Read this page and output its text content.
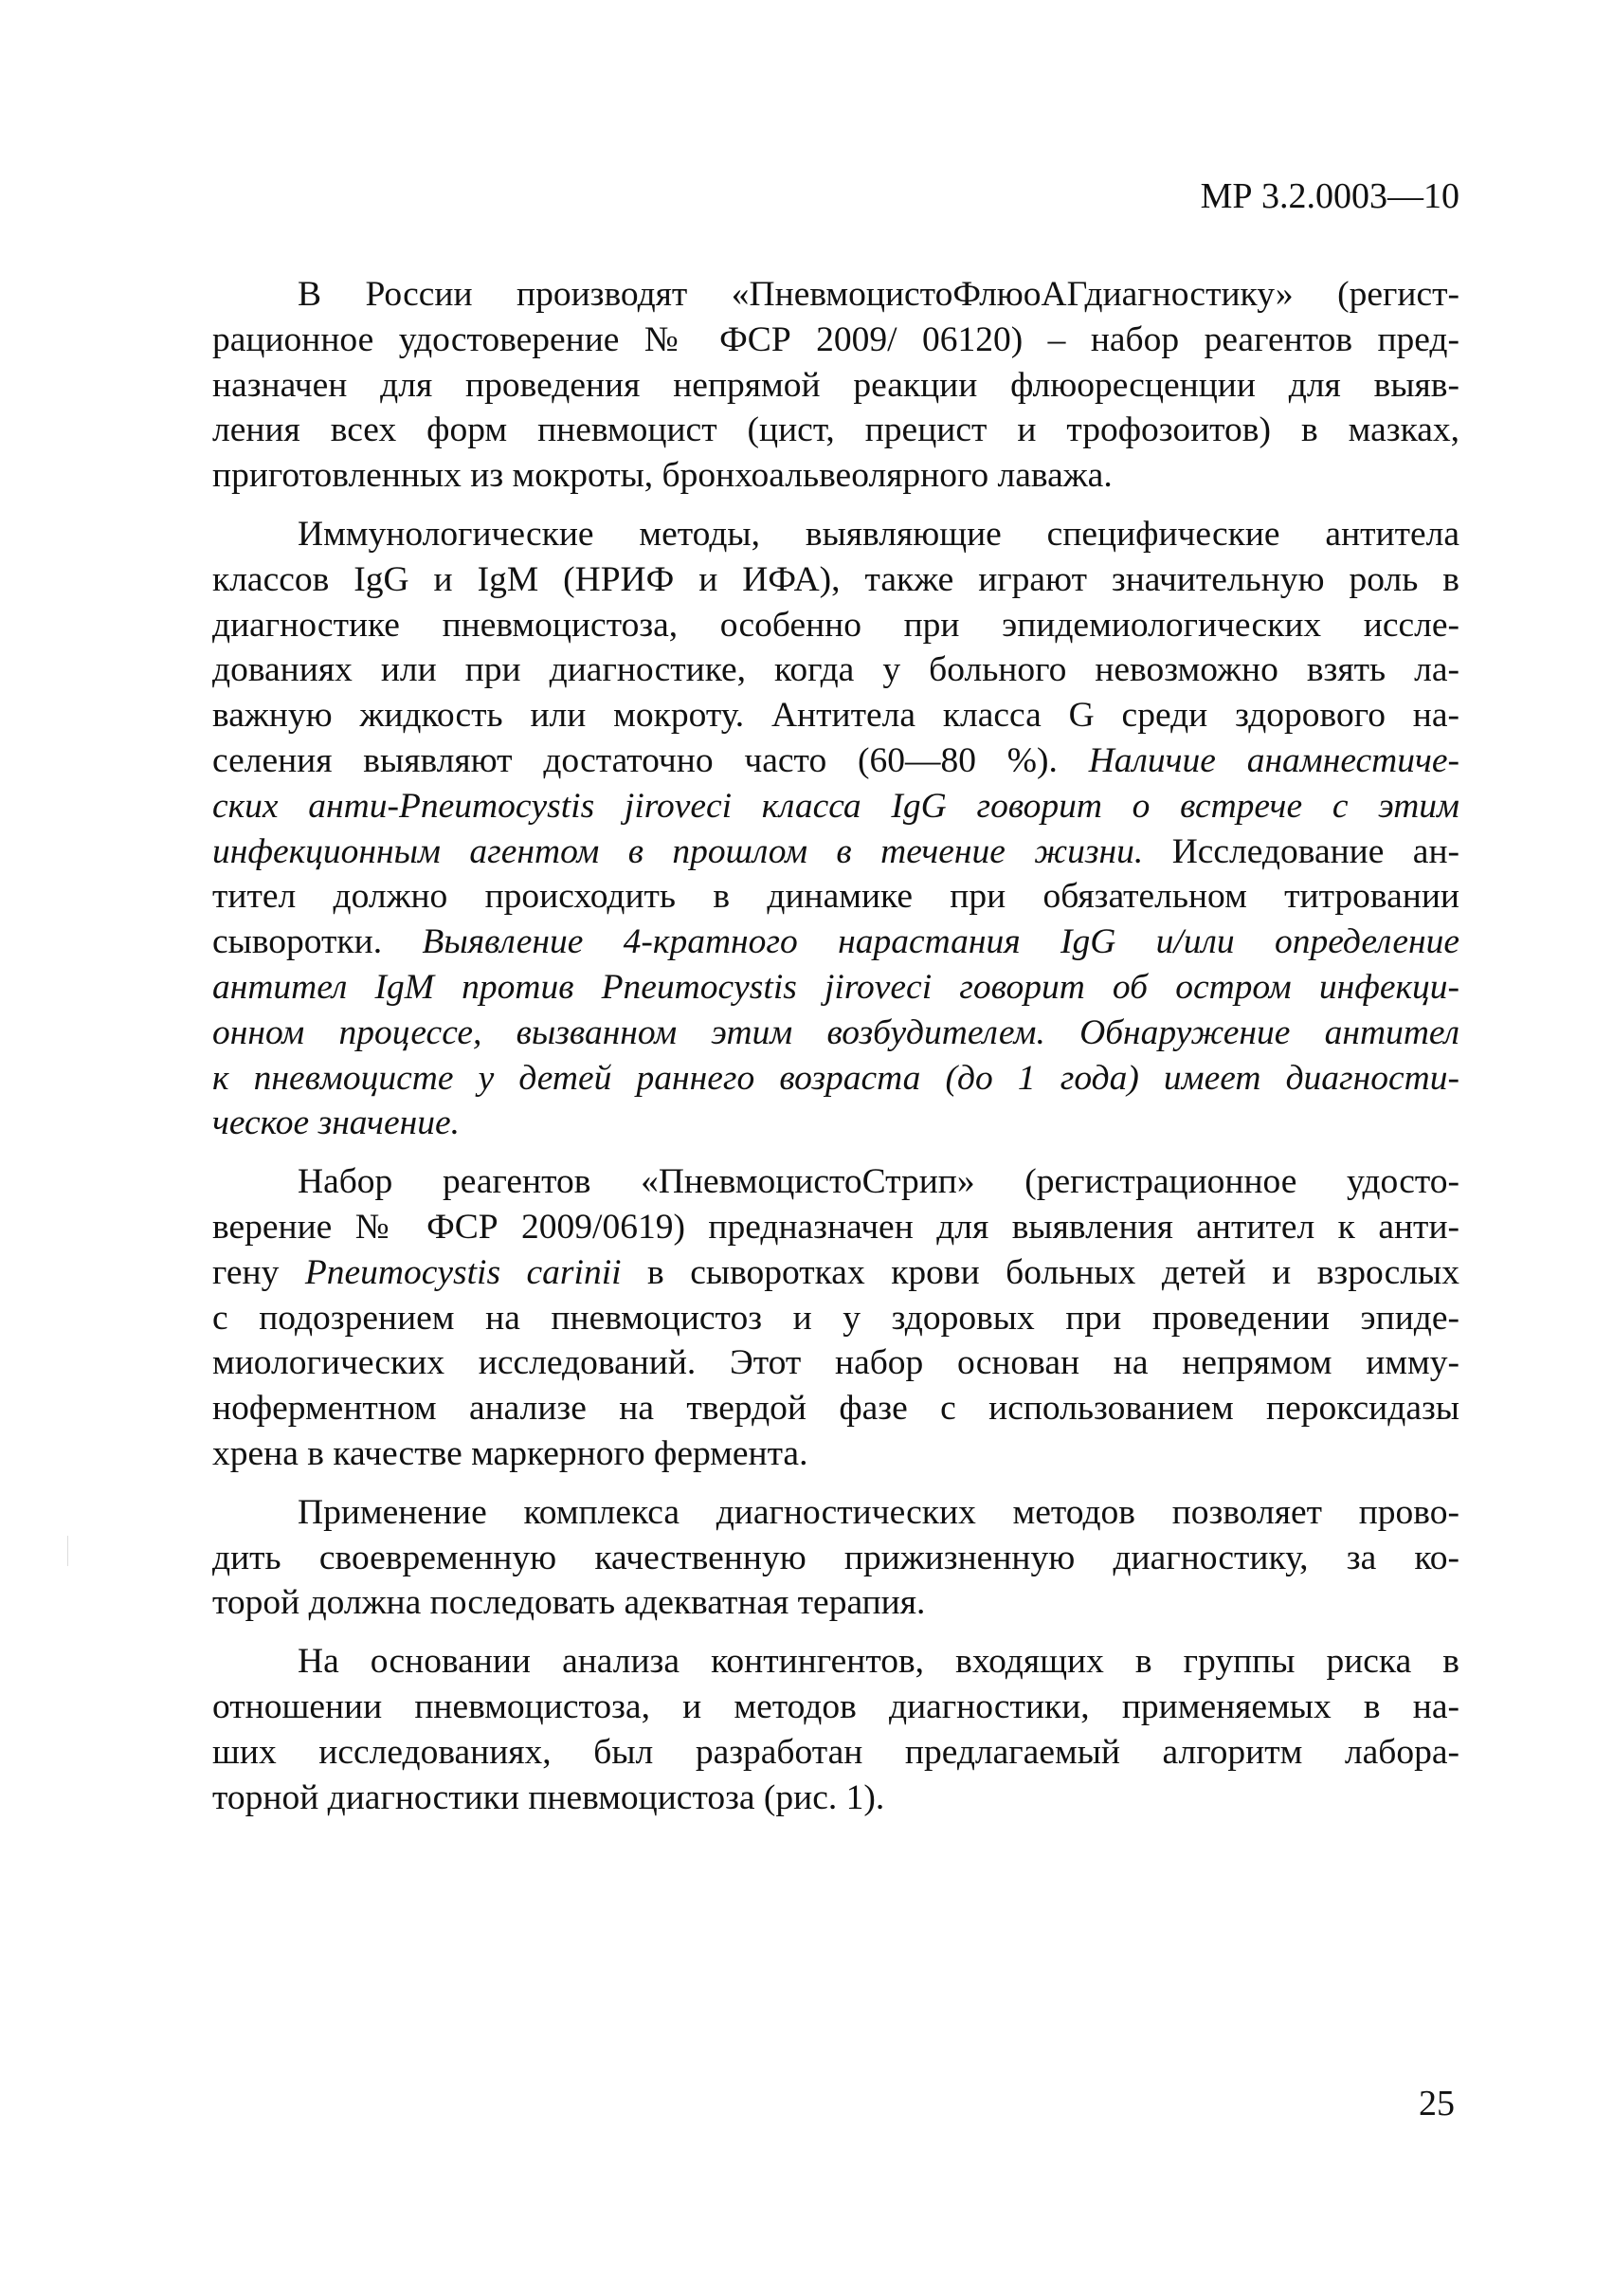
МР 3.2.0003—10
В России производят «ПневмоцистоФлюоАГдиагностику» (регист-
рационное удостоверение № ФСР 2009/ 06120) – набор реагентов пред-
назначен для проведения непрямой реакции флюоресценции для выяв-
ления всех форм пневмоцист (цист, прецист и трофозоитов) в мазках,
приготовленных из мокроты, бронхоальвеолярного лаважа.
Иммунологические методы, выявляющие специфические антитела
классов IgG и IgM (НРИФ и ИФА), также играют значительную роль в
диагностике пневмоцистоза, особенно при эпидемиологических иссле-
дованиях или при диагностике, когда у больного невозможно взять ла-
важную жидкость или мокроту. Антитела класса G среди здорового на-
селения выявляют достаточно часто (60—80 %). Наличие анамнестиче-
ских анти-Pneumocystis jirovеci класса IgG говорит о встрече с этим
инфекционным агентом в прошлом в течение жизни. Исследование ан-
тител должно происходить в динамике при обязательном титровании
сыворотки. Выявление 4-кратного нарастания IgG и/или определение
антител IgM против Pneumocystis jirovеci говорит об остром инфекци-
онном процессе, вызванном этим возбудителем. Обнаружение антител
к пневмоцисте у детей раннего возраста (до 1 года) имеет диагности-
ческое значение.
Набор реагентов «ПневмоцистоСтрип» (регистрационное удосто-
верение № ФСР 2009/0619) предназначен для выявления антител к анти-
гену Pneumocystis carinii в сыворотках крови больных детей и взрослых
с подозрением на пневмоцистоз и у здоровых при проведении эпиде-
миологических исследований. Этот набор основан на непрямом имму-
ноферментном анализе на твердой фазе с использованием пероксидазы
хрена в качестве маркерного фермента.
Применение комплекса диагностических методов позволяет прово-
дить своевременную качественную прижизненную диагностику, за ко-
торой должна последовать адекватная терапия.
На основании анализа контингентов, входящих в группы риска в
отношении пневмоцистоза, и методов диагностики, применяемых в на-
ших исследованиях, был разработан предлагаемый алгоритм лабора-
торной диагностики пневмоцистоза (рис. 1).
25
